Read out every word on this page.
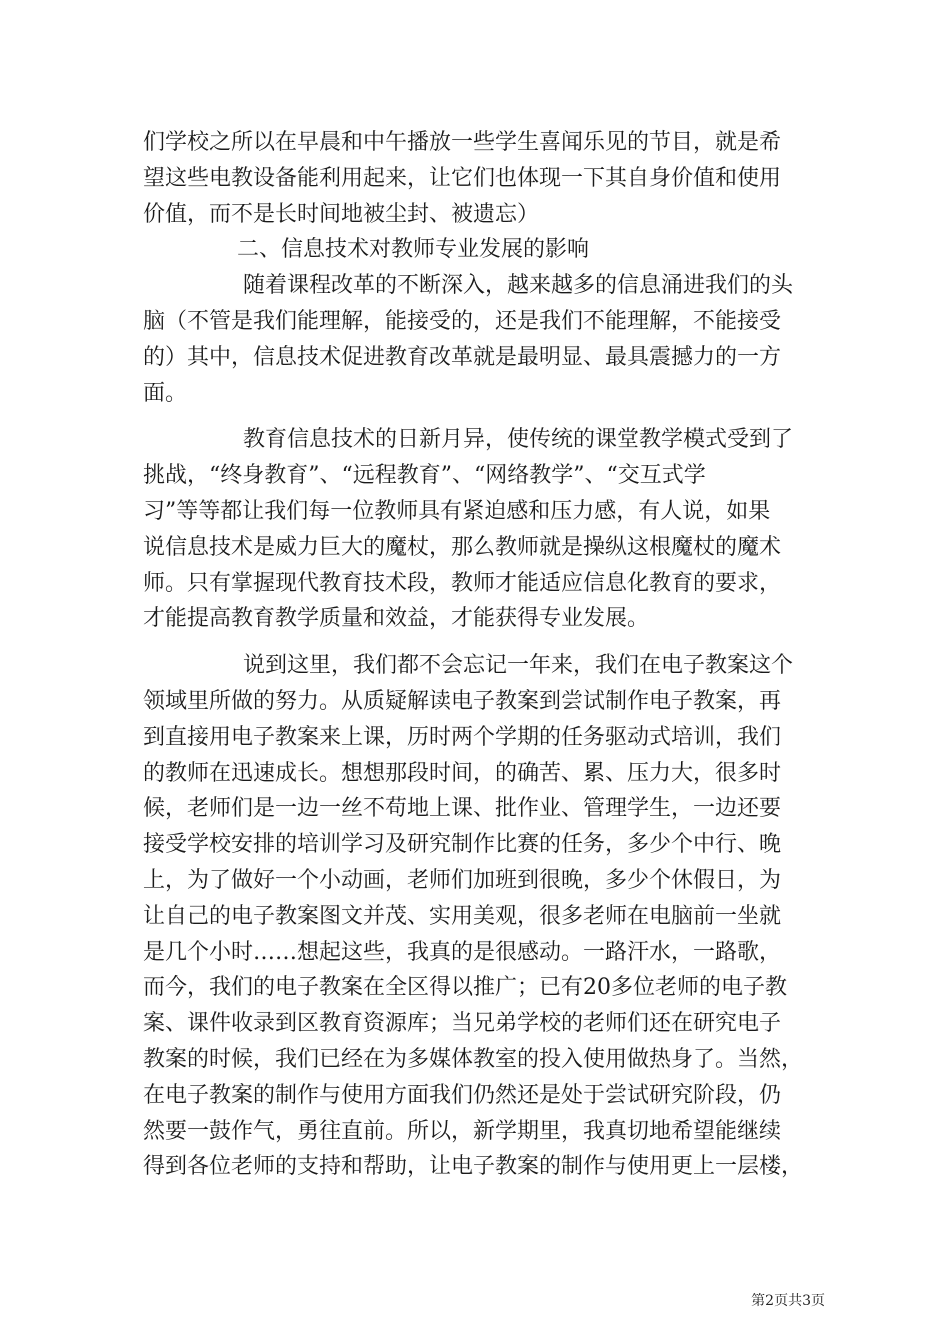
们学校之所以在早晨和中午播放一些学生喜闻乐见的节目，就是希
望这些电教设备能利用起来，让它们也体现一下其自身价值和使用
价值，而不是长时间地被尘封、被遗忘）
二、信息技术对教师专业发展的影响
随着课程改革的不断深入，越来越多的信息涌进我们的头
脑（不管是我们能理解，能接受的，还是我们不能理解，不能接受
的）其中，信息技术促进教育改革就是最明显、最具震撼力的一方
面。
教育信息技术的日新月异，使传统的课堂教学模式受到了
挑战，“终身教育”、“远程教育”、“网络教学”、“交互式学
习”等等都让我们每一位教师具有紧迫感和压力感，有人说，如果
说信息技术是威力巨大的魔杖，那么教师就是操纵这根魔杖的魔术
师。只有掌握现代教育技术段，教师才能适应信息化教育的要求，
才能提高教育教学质量和效益，才能获得专业发展。
说到这里，我们都不会忘记一年来，我们在电子教案这个
领域里所做的努力。从质疑解读电子教案到尝试制作电子教案，再
到直接用电子教案来上课，历时两个学期的任务驱动式培训，我们
的教师在迅速成长。想想那段时间，的确苦、累、压力大，很多时
候，老师们是一边一丝不苟地上课、批作业、管理学生，一边还要
接受学校安排的培训学习及研究制作比赛的任务，多少个中行、晚
上，为了做好一个小动画，老师们加班到很晚，多少个休假日，为
让自己的电子教案图文并茂、实用美观，很多老师在电脑前一坐就
是几个小时……想起这些，我真的是很感动。一路汗水，一路歌，
而今，我们的电子教案在全区得以推广；已有20多位老师的电子教
案、课件收录到区教育资源库；当兄弟学校的老师们还在研究电子
教案的时候，我们已经在为多媒体教室的投入使用做热身了。当然，
在电子教案的制作与使用方面我们仍然还是处于尝试研究阶段，仍
然要一鼓作气，勇往直前。所以，新学期里，我真切地希望能继续
得到各位老师的支持和帮助，让电子教案的制作与使用更上一层楼，
第2页共3页
